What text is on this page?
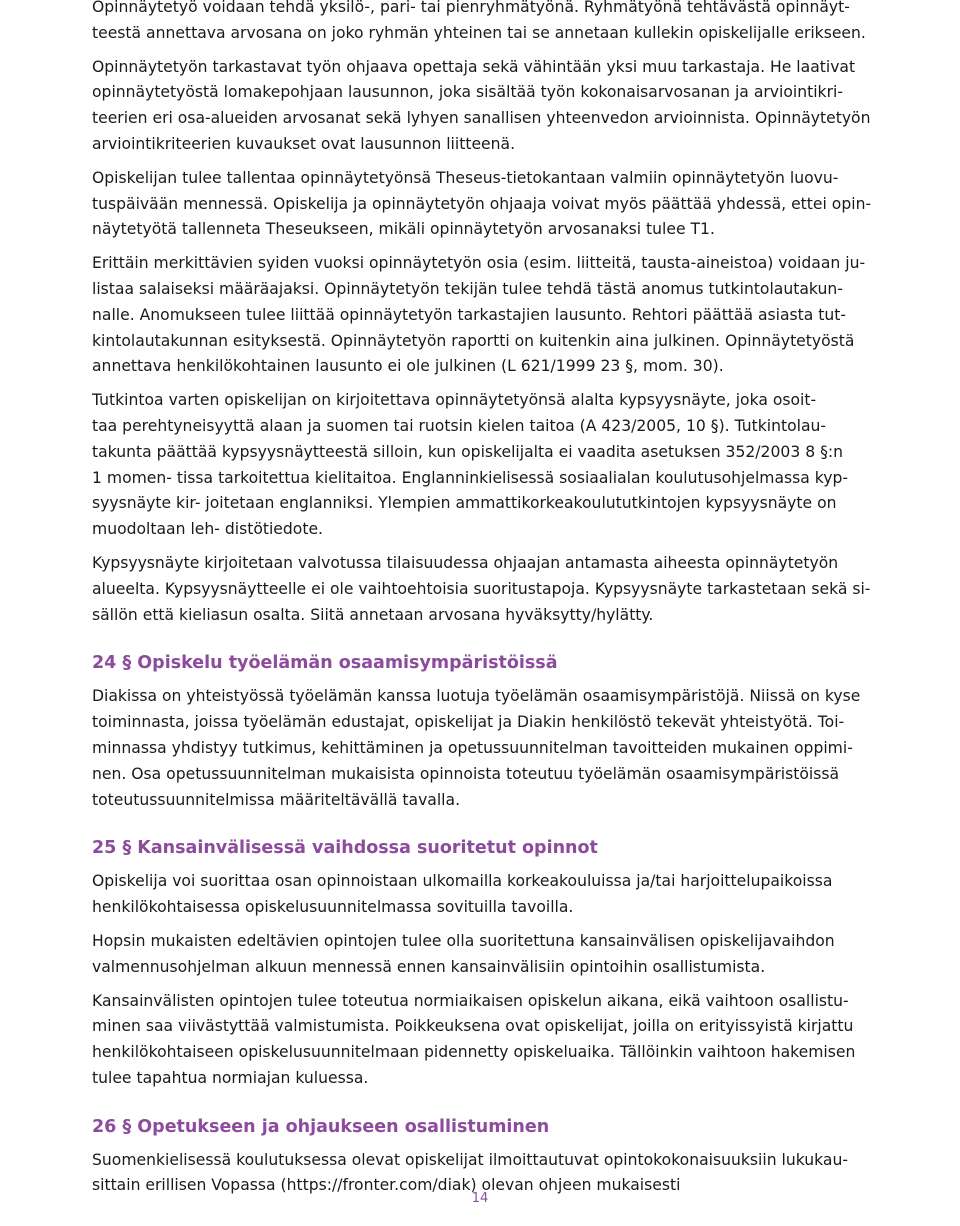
Opinnäytetyö voidaan tehdä yksilö-, pari- tai pienryhmätyönä. Ryhmätyönä tehtävästä opinnäyt-
teestä annettava arvosana on joko ryhmän yhteinen tai se annetaan kullekin opiskelijalle erikseen.

Opinnäytetyön tarkastavat työn ohjaava opettaja sekä vähintään yksi muu tarkastaja. He laativat
opinnäytetyöstä lomakepohjaan lausunnon, joka sisältää työn kokonaisarvosanan ja arviointikri-
teerien eri osa-alueiden arvosanat sekä lyhyen sanallisen yhteenvedon arvioinnista. Opinnäytetyön
arviointikriteerien kuvaukset ovat lausunnon liitteenä.

Opiskelijan tulee tallentaa opinnäytetyönsä Theseus-tietokantaan valmiin opinnäytetyön luovu-
tuspäivään mennessä. Opiskelija ja opinnäytetyön ohjaaja voivat myös päättää yhdessä, ettei opin-
näytetyötä tallenneta Theseukseen, mikäli opinnäytetyön arvosanaksi tulee T1.

Erittäin merkittävien syiden vuoksi opinnäytetyön osia (esim. liitteitä, tausta-aineistoa) voidaan ju-
listaa salaiseksi määräajaksi. Opinnäytetyön tekijän tulee tehdä tästä anomus tutkintolautakun-
nalle. Anomukseen tulee liittää opinnäytetyön tarkastajien lausunto. Rehtori päättää asiasta tut-
kintolautakunnan esityksestä. Opinnäytetyön raportti on kuitenkin aina julkinen. Opinnäytetyöstä
annettava henkilökohtainen lausunto ei ole julkinen (L 621/1999 23 §, mom. 30).

Tutkintoa varten opiskelijan on kirjoitettava opinnäytetyönsä alalta kypsyysnäyte, joka osoit-
taa perehtyneisyyttä alaan ja suomen tai ruotsin kielen taitoa (A 423/2005, 10 §). Tutkintolau-
takunta päättää kypsyysnäytteestä silloin, kun opiskelijalta ei vaadita asetuksen 352/2003 8 §:n
1 momen- tissa tarkoitettua kielitaitoa. Englanninkielisessä sosiaalialan koulutusohjelmassa kyp-
syysnäyte kir- joitetaan englanniksi. Ylempien ammattikorkeakoulututkintojen kypsyysnäyte on
muodoltaan leh- distötiedote.

Kypsyysnäyte kirjoitetaan valvotussa tilaisuudessa ohjaajan antamasta aiheesta opinnäytetyön
alueelta. Kypsyysnäytteelle ei ole vaihtoehtoisia suoritustapoja. Kypsyysnäyte tarkastetaan sekä si-
sällön että kieliasun osalta. Siitä annetaan arvosana hyväksytty/hylätty.

24 § Opiskelu työelämän osaamisympäristöissä

Diakissa on yhteistyössä työelämän kanssa luotuja työelämän osaamisympäristöjä. Niissä on kyse
toiminnasta, joissa työelämän edustajat, opiskelijat ja Diakin henkilöstö tekevät yhteistyötä. Toi-
minnassa yhdistyy tutkimus, kehittäminen ja opetussuunnitelman tavoitteiden mukainen oppimi-
nen. Osa opetussuunnitelman mukaisista opinnoista toteutuu työelämän osaamisympäristöissä
toteutussuunnitelmissa määriteltävällä tavalla.

25 § Kansainvälisessä vaihdossa suoritetut opinnot

Opiskelija voi suorittaa osan opinnoistaan ulkomailla korkeakouluissa ja/tai harjoittelupaikoissa
henkilökohtaisessa opiskelusuunnitelmassa sovituilla tavoilla.

Hopsin mukaisten edeltävien opintojen tulee olla suoritettuna kansainvälisen opiskelijavaihdon
valmennusohjelman alkuun mennessä ennen kansainvälisiin opintoihin osallistumista.

Kansainvälisten opintojen tulee toteutua normiaikaisen opiskelun aikana, eikä vaihtoon osallistu-
minen saa viivästyttää valmistumista. Poikkeuksena ovat opiskelijat, joilla on erityissyistä kirjattu
henkilökohtaiseen opiskelusuunnitelmaan pidennetty opiskeluaika. Tällöinkin vaihtoon hakemisen
tulee tapahtua normiajan kuluessa.

26 § Opetukseen ja ohjaukseen osallistuminen

Suomenkielisessä koulutuksessa olevat opiskelijat ilmoittautuvat opintokokonaisuuksiin lukukau-
sittain erillisen Vopassa (https://fronter.com/diak) olevan ohjeen mukaisesti

14
